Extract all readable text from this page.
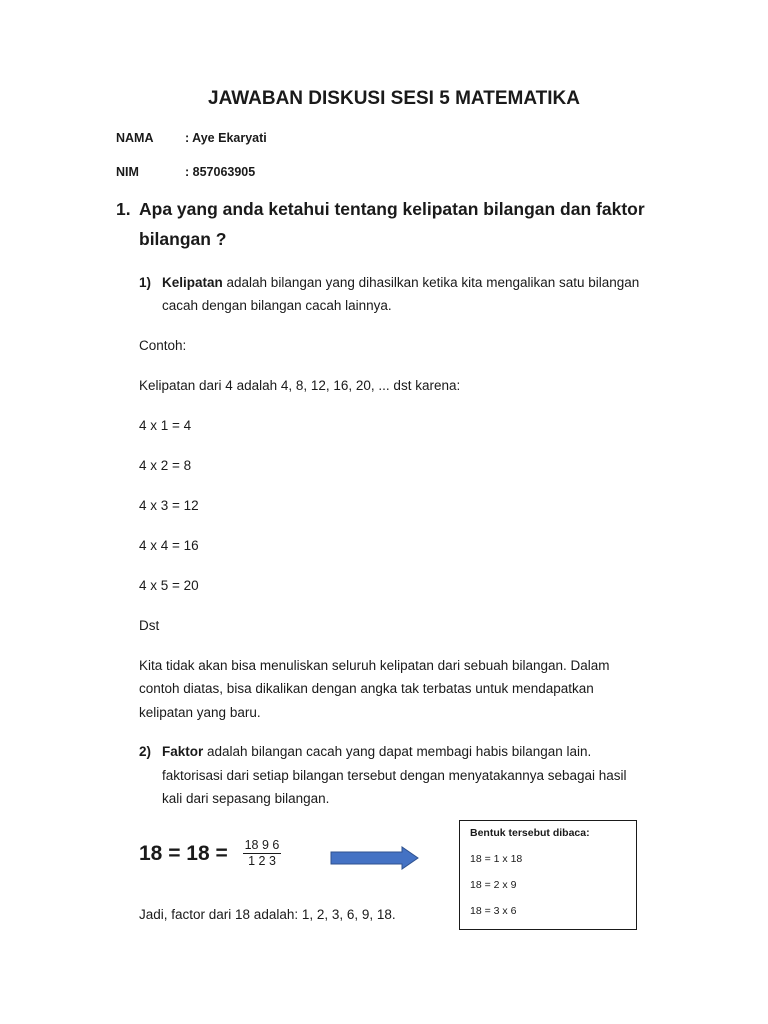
JAWABAN DISKUSI SESI 5 MATEMATIKA
NAMA	: Aye Ekaryati
NIM	: 857063905
1. Apa yang anda ketahui tentang kelipatan bilangan dan faktor
bilangan ?
1) Kelipatan adalah bilangan yang dihasilkan ketika kita mengalikan satu bilangan
cacah dengan bilangan cacah lainnya.
Contoh:
Kelipatan dari 4 adalah 4, 8, 12, 16, 20, ... dst karena:
4 x 1 = 4
4 x 2 = 8
4 x 3 = 12
4 x 4 = 16
4 x 5 = 20
Dst
Kita tidak akan bisa menuliskan seluruh kelipatan dari sebuah bilangan. Dalam
contoh diatas, bisa dikalikan dengan angka tak terbatas untuk mendapatkan
kelipatan yang baru.
2) Faktor adalah bilangan cacah yang dapat membagi habis bilangan lain.
faktorisasi dari setiap bilangan tersebut dengan menyatakannya sebagai hasil
kali dari sepasang bilangan.
18 = 18 = 18 9 6
1 2 3
Bentuk tersebut dibaca:
18 = 1 x 18
18 = 2 x 9
18 = 3 x 6
Jadi, factor dari 18 adalah: 1, 2, 3, 6, 9, 18.
